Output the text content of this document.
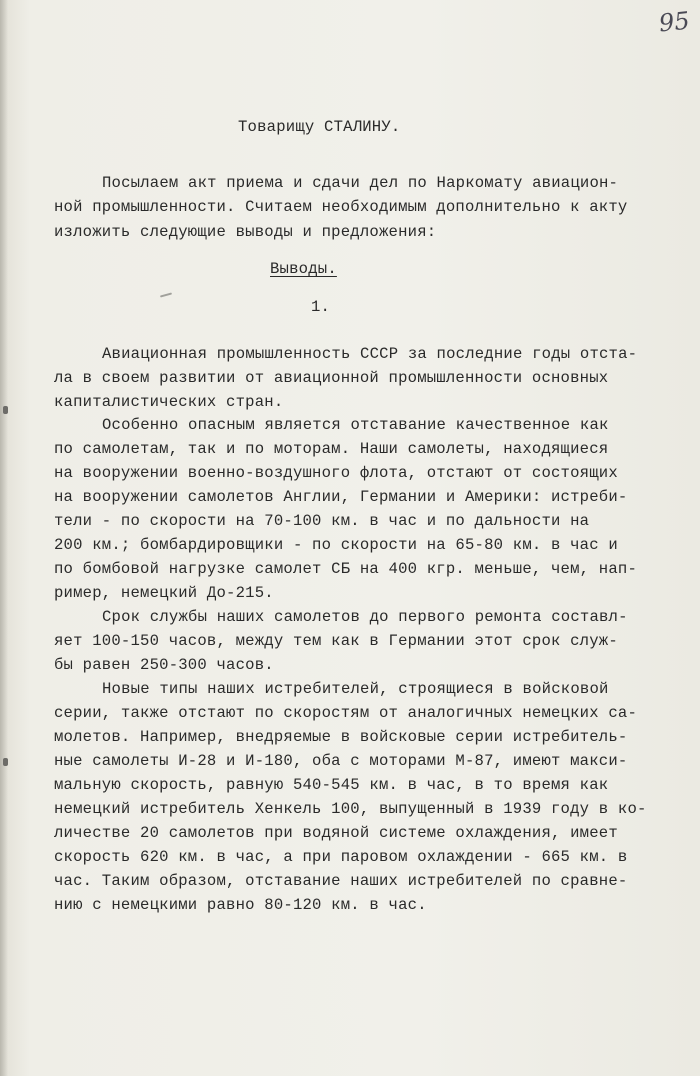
95

Товарищу СТАЛИНУ.

Посылаем акт приема и сдачи дел по Наркомату авиацион-

ной промышленности. Считаем необходимым дополнительно к акту

изложить следующие выводы и предложения:

Выводы.

1.

Авиационная промышленность СССР за последние годы отста-

ла в своем развитии от авиационной промышленности основных

капиталистических стран.

Особенно опасным является отставание качественное как

по самолетам, так и по моторам. Наши самолеты, находящиеся

на вооружении военно-воздушного флота, отстают от состоящих

на вооружении самолетов Англии, Германии и Америки: истреби-

тели - по скорости на 70-100 км. в час и по дальности на

200 км.; бомбардировщики - по скорости на 65-80 км. в час и

по бомбовой нагрузке самолет СБ на 400 кгр. меньше, чем, нап-

ример, немецкий До-215.

Срок службы наших самолетов до первого ремонта составл-

яет 100-150 часов, между тем как в Германии этот срок служ-

бы равен 250-300 часов.

Новые типы наших истребителей, строящиеся в войсковой

серии, также отстают по скоростям от аналогичных немецких са-

молетов. Например, внедряемые в войсковые серии истребитель-

ные самолеты И-28 и И-180, оба с моторами М-87, имеют макси-

мальную скорость, равную 540-545 км. в час, в то время как

немецкий истребитель Хенкель 100, выпущенный в 1939 году в ко-

личестве 20 самолетов при водяной системе охлаждения, имеет

скорость 620 км. в час, а при паровом охлаждении - 665 км. в

час. Таким образом, отставание наших истребителей по сравне-

нию с немецкими равно 80-120 км. в час.
